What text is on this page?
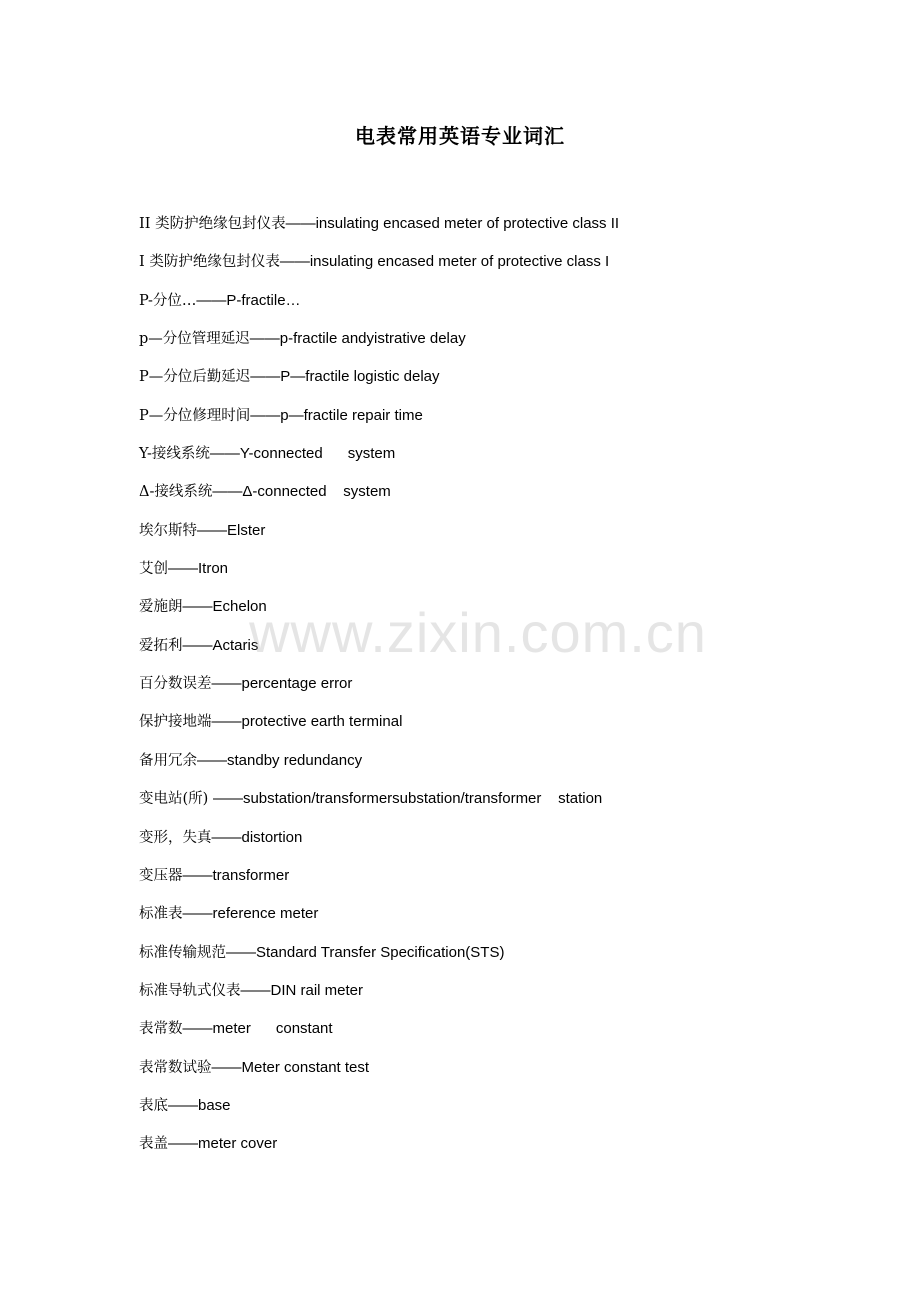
电表常用英语专业词汇
II 类防护绝缘包封仪表——insulating encased meter of protective class II
I 类防护绝缘包封仪表——insulating encased meter of protective class I
P-分位…——P-fractile…
p—分位管理延迟——p-fractile andyistrative delay
P—分位后勤延迟——P—fractile logistic delay
P—分位修理时间——p—fractile repair time
Y-接线系统——Y-connected      system
Δ-接线系统——Δ-connected    system
埃尔斯特——Elster
艾创——Itron
爱施朗——Echelon
爱拓利——Actaris
百分数误差——percentage error
保护接地端——protective earth terminal
备用冗余——standby redundancy
变电站(所) ——substation/transformersubstation/transformer    station
变形，失真——distortion
变压器——transformer
标准表——reference meter
标准传输规范——Standard Transfer Specification(STS)
标准导轨式仪表——DIN rail meter
表常数——meter      constant
表常数试验——Meter constant test
表底——base
表盖——meter cover
www.zixin.com.cn
